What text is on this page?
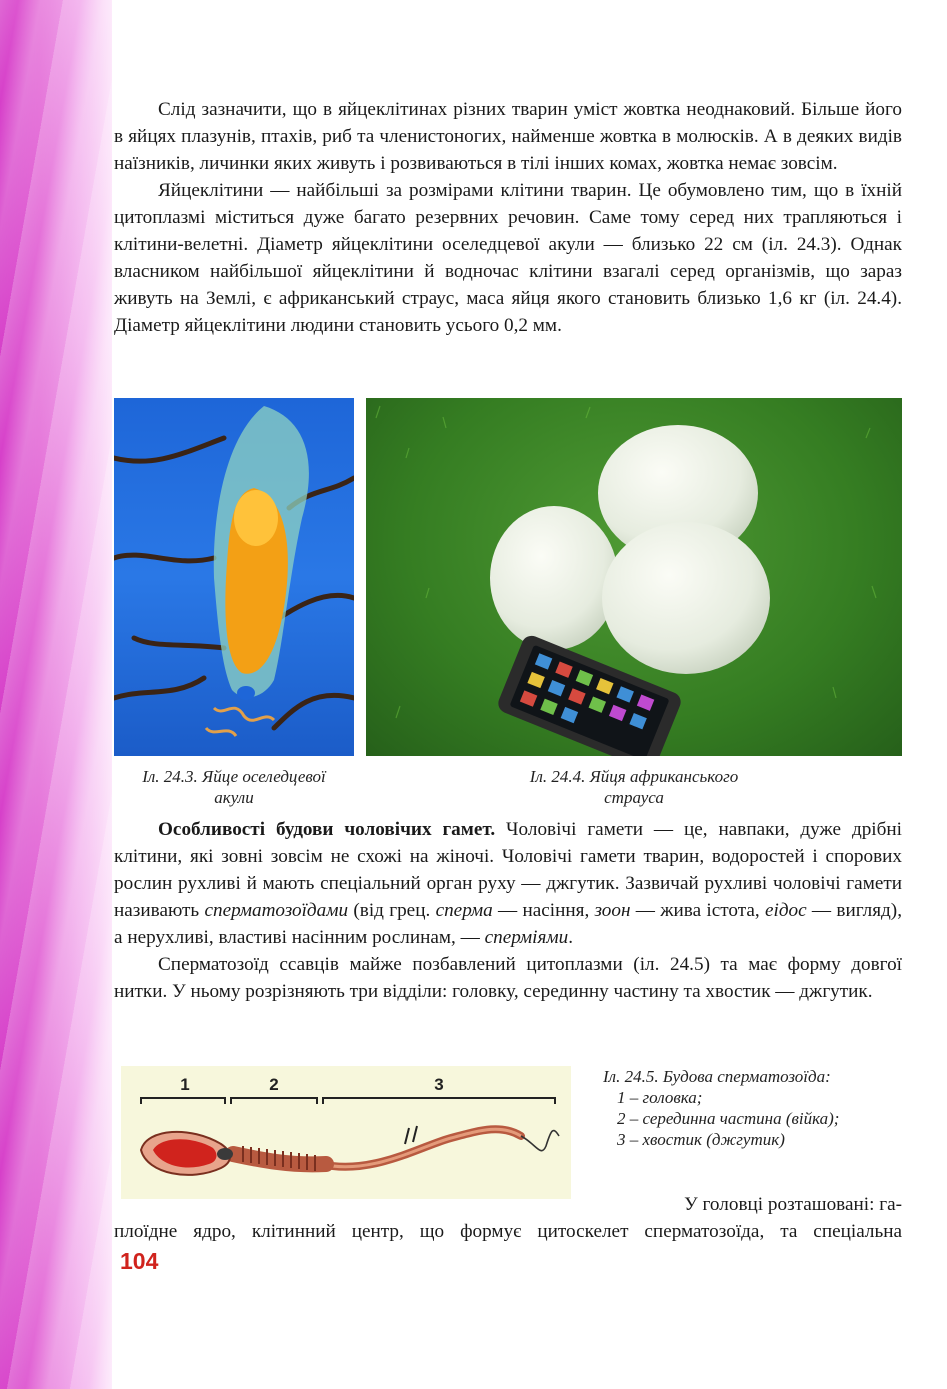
Слід зазначити, що в яйцеклітинах різних тварин уміст жовтка неоднаковий. Більше його в яйцях плазунів, птахів, риб та членистоногих, найменше жовтка в молюсків. А в деяких видів наїзників, личинки яких живуть і розвиваються в тілі інших комах, жовтка немає зовсім.

Яйцеклітини — найбільші за розмірами клітини тварин. Це обумовлено тим, що в їхній цитоплазмі міститься дуже багато резервних речовин. Саме тому серед них трапляються і клітини-велетні. Діаметр яйцеклітини оселедцевої акули — близько 22 см (іл. 24.3). Однак власником найбільшої яйцеклітини й водночас клітини взагалі серед організмів, що зараз живуть на Землі, є африканський страус, маса яйця якого становить близько 1,6 кг (іл. 24.4). Діаметр яйцеклітини людини становить усього 0,2 мм.

Іл. 24.3. Яйце оселедцевої
акули
Іл. 24.4. Яйця африканського
страуса

Особливості будови чоловічих гамет. Чоловічі гамети — це, навпаки, дуже дрібні клітини, які зовні зовсім не схожі на жіночі. Чоловічі гамети тварин, водоростей і спорових рослин рухливі й мають спеціальний орган руху — джгутик. Зазвичай рухливі чоловічі гамети називають сперматозоїдами (від грец. сперма — насіння, зоон — жива істота, еідос — вигляд), а нерухливі, властиві насінним рослинам, — сперміями.

Сперматозоїд ссавців майже позбавлений цитоплазми (іл. 24.5) та має форму довгої нитки. У ньому розрізняють три відділи: головку, серединну частину та хвостик — джгутик.

1	2	3	Іл. 24.5. Будова сперматозоїда:
1 – головка;
2 – серединна частина (війка);
3 – хвостик (джгутик)
У головці розташовані: га-
плоїдне ядро, клітинний центр, що формує цитоскелет сперматозоїда, та спеціальна
104
